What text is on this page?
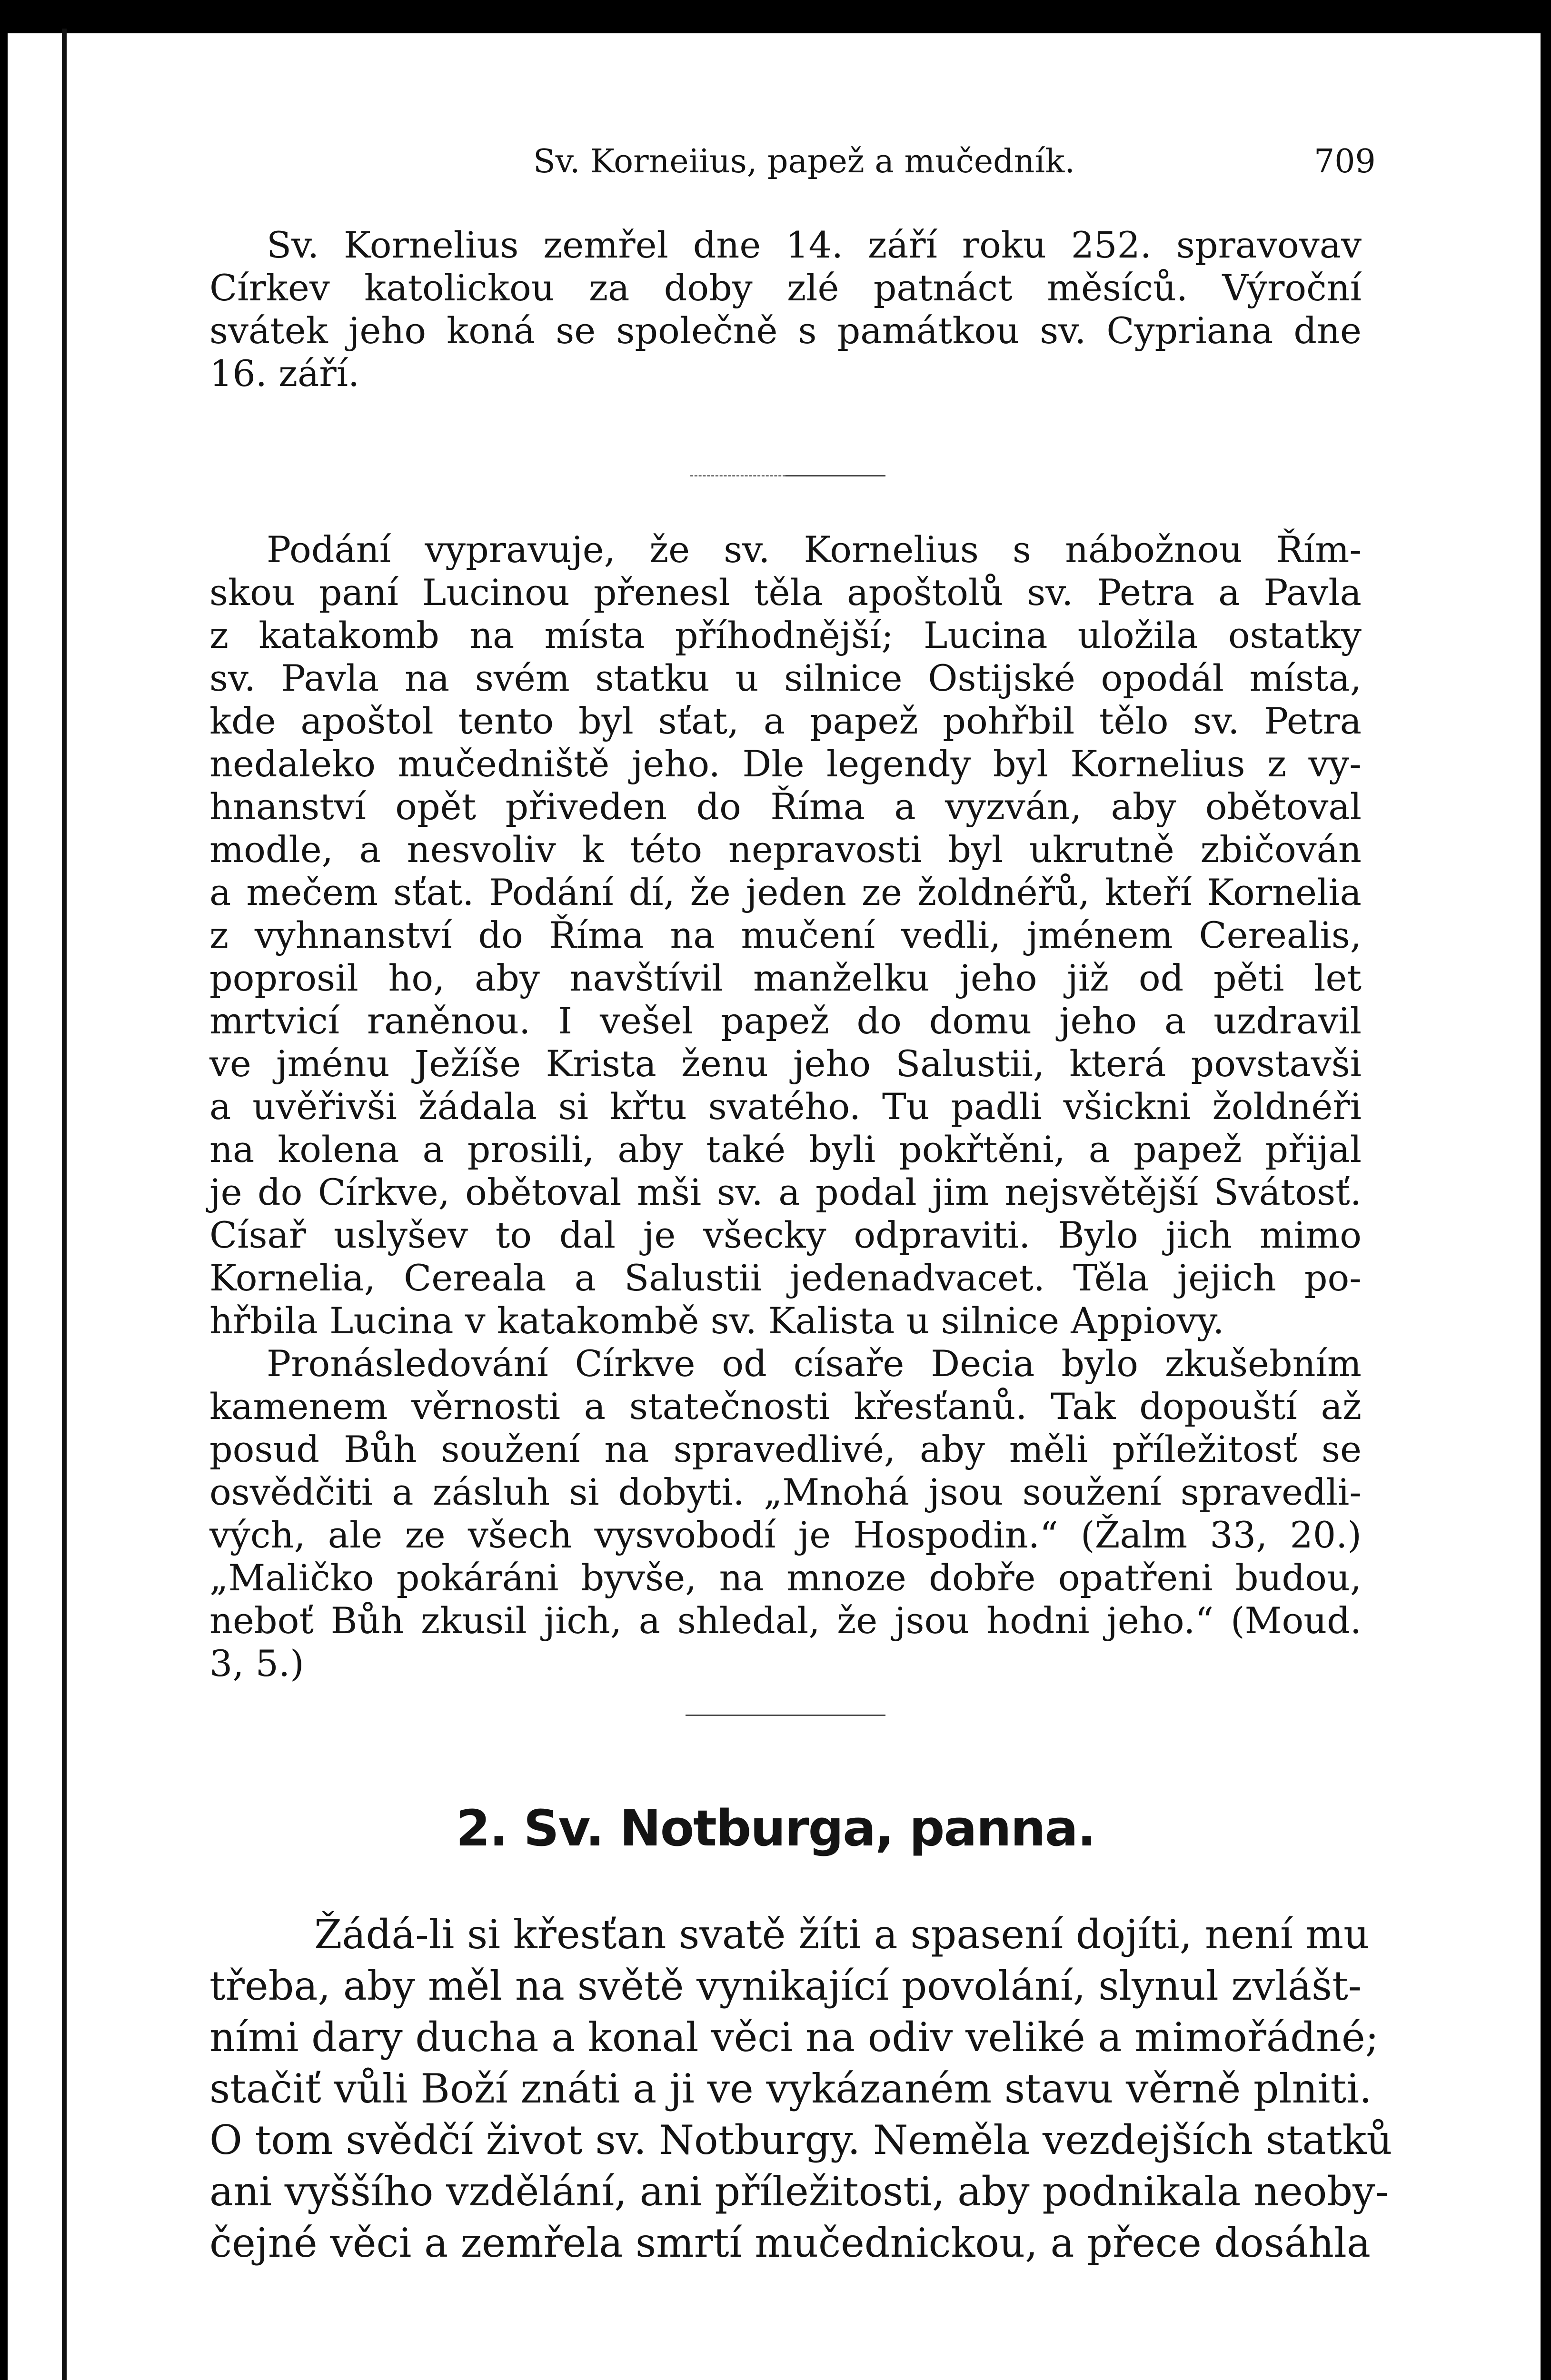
Sv. Korneiius, papež a mučedník.	709
Sv. Kornelius zemřel dne 14. září roku 252. spravovav
Církev katolickou za doby zlé patnáct měsíců. Výroční
svátek jeho koná se společně s památkou sv. Cypriana dne
16. září.
Podání vypravuje, že sv. Kornelius s nábožnou Řím-
skou paní Lucinou přenesl těla apoštolů sv. Petra a Pavla
z katakomb na místa příhodnější; Lucina uložila ostatky
sv. Pavla na svém statku u silnice Ostijské opodál místa,
kde apoštol tento byl sťat, a papež pohřbil tělo sv. Petra
nedaleko mučedniště jeho. Dle legendy byl Kornelius z vy-
hnanství opět přiveden do Říma a vyzván, aby obětoval
modle, a nesvoliv k této nepravosti byl ukrutně zbičován
a mečem sťat. Podání dí, že jeden ze žoldnéřů, kteří Kornelia
z vyhnanství do Říma na mučení vedli, jménem Cerealis,
poprosil ho, aby navštívil manželku jeho již od pěti let
mrtvicí raněnou. I vešel papež do domu jeho a uzdravil
ve jménu Ježíše Krista ženu jeho Salustii, která povstavši
a uvěřivši žádala si křtu svatého. Tu padli všickni žoldnéři
na kolena a prosili, aby také byli pokřtěni, a papež přijal
je do Církve, obětoval mši sv. a podal jim nejsvětější Svátosť.
Císař uslyšev to dal je všecky odpraviti. Bylo jich mimo
Kornelia, Cereala a Salustii jedenadvacet. Těla jejich po-
hřbila Lucina v katakombě sv. Kalista u silnice Appiovy.
Pronásledování Církve od císaře Decia bylo zkušebním
kamenem věrnosti a statečnosti křesťanů. Tak dopouští až
posud Bůh soužení na spravedlivé, aby měli příležitosť se
osvědčiti a zásluh si dobyti. „Mnohá jsou soužení spravedli-
vých, ale ze všech vysvobodí je Hospodin.“ (Žalm 33, 20.)
„Maličko pokáráni byvše, na mnoze dobře opatřeni budou,
neboť Bůh zkusil jich, a shledal, že jsou hodni jeho.“ (Moud.
3, 5.)
2. Sv. Notburga, panna.
Žádá-li si křesťan svatě žíti a spasení dojíti, není mu
třeba, aby měl na světě vynikající povolání, slynul zvlášt-
ními dary ducha a konal věci na odiv veliké a mimořádné;
stačiť vůli Boží znáti a ji ve vykázaném stavu věrně plniti.
O tom svědčí život sv. Notburgy. Neměla vezdejších statků
ani vyššího vzdělání, ani příležitosti, aby podnikala neoby-
čejné věci a zemřela smrtí mučednickou, a přece dosáhla
